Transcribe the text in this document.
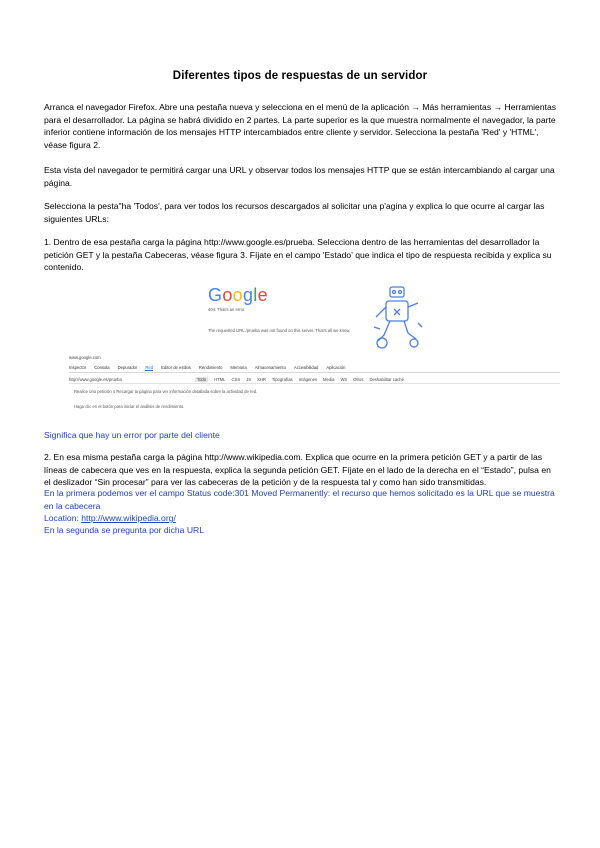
Diferentes tipos de respuestas de un servidor
Arranca el navegador Firefox. Abre una pestaña nueva y selecciona en el menú de la aplicación → Más herramientas → Herramientas para el desarrollador. La página se habrá dividido en 2 partes. La parte superior es la que muestra normalmente el navegador, la parte inferior contiene información de los mensajes HTTP intercambiados entre cliente y servidor. Selecciona la pestaña 'Red' y 'HTML', véase figura 2.
Esta vista del navegador te permitirá cargar una URL y observar todos los mensajes HTTP que se están intercambiando al cargar una página.
Selecciona la pesta"ha 'Todos', para ver todos los recursos descargados al solicitar una p'agina y explica lo que ocurre al cargar las siguientes URLs:
1. Dentro de esa pestaña carga la página http://www.google.es/prueba. Selecciona dentro de las herramientas del desarrollador la petición GET y la pestaña Cabeceras, véase figura 3. Fíjate en el campo 'Estado' que indica el tipo de respuesta recibida y explica su contenido.
Google
404. That's an error.
The requested URL /prueba was not found on this server. That's all we know.
www.google.com
Inspector Consola Depurador Red Editor de estilos Rendimiento Memoria Almacenamiento Accesibilidad Aplicación
http://www.google.es/prueba	Todo	HTML CSS JS XHR Tipografías Imágenes Media WS Otros Deshabilitar caché
Realice una petición o Recargar la página para ver información detallada sobre la actividad de red.
Haga clic en el botón para iniciar el análisis de rendimiento.
Significa que hay un error por parte del cliente
2. En esa misma pestaña carga la página http://www.wikipedia.com. Explica que ocurre en la primera petición GET y a partir de las líneas de cabecera que ves en la respuesta, explica la segunda petición GET. Fíjate en el lado de la derecha en el “Estado”, pulsa en el deslizador “Sin procesar” para ver las cabeceras de la petición y de la respuesta tal y como han sido transmitidas.
En la primera podemos ver el campo Status code:301 Moved Permanently: el recurso que hemos solicitado es la URL que se muestra en la cabecera
Location: http://www.wikipedia.org/
En la segunda se pregunta por dicha URL
